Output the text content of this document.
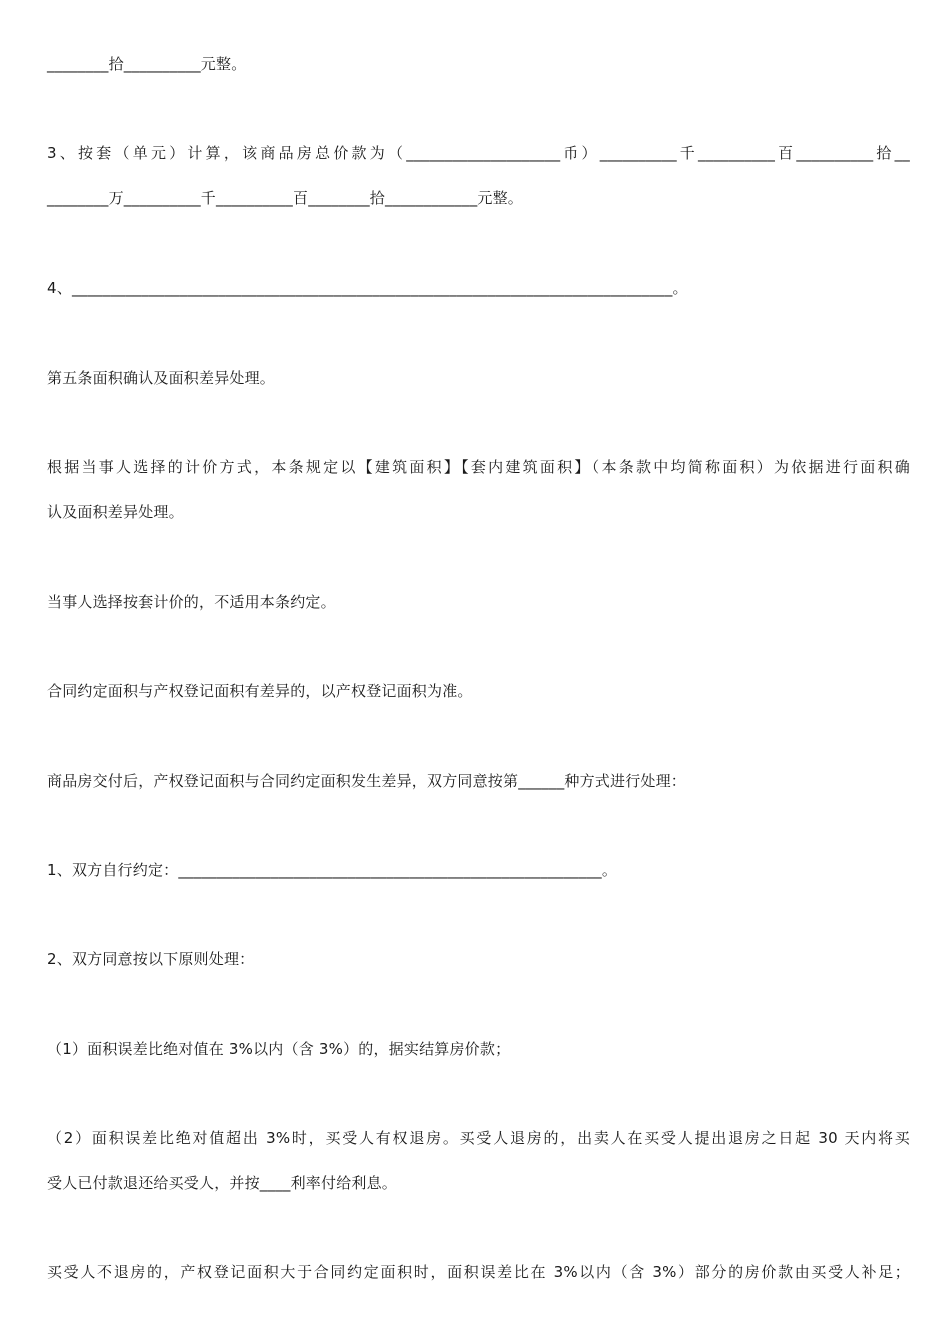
________拾__________元整。
3、按套（单元）计算，该商品房总价款为（____________________币）__________千__________百__________拾__
________万__________千__________百________拾____________元整。
4、______________________________________________________________________________。
第五条面积确认及面积差异处理。
根据当事人选择的计价方式，本条规定以【建筑面积】【套内建筑面积】（本条款中均简称面积）为依据进行面积确
认及面积差异处理。
当事人选择按套计价的，不适用本条约定。
合同约定面积与产权登记面积有差异的，以产权登记面积为准。
商品房交付后，产权登记面积与合同约定面积发生差异，双方同意按第______种方式进行处理：
1、双方自行约定：_______________________________________________________。
2、双方同意按以下原则处理：
（1）面积误差比绝对值在 3%以内（含 3%）的，据实结算房价款；
（2）面积误差比绝对值超出 3%时，买受人有权退房。买受人退房的，出卖人在买受人提出退房之日起 30 天内将买
受人已付款退还给买受人，并按____利率付给利息。
买受人不退房的，产权登记面积大于合同约定面积时，面积误差比在 3%以内（含 3%）部分的房价款由买受人补足；
